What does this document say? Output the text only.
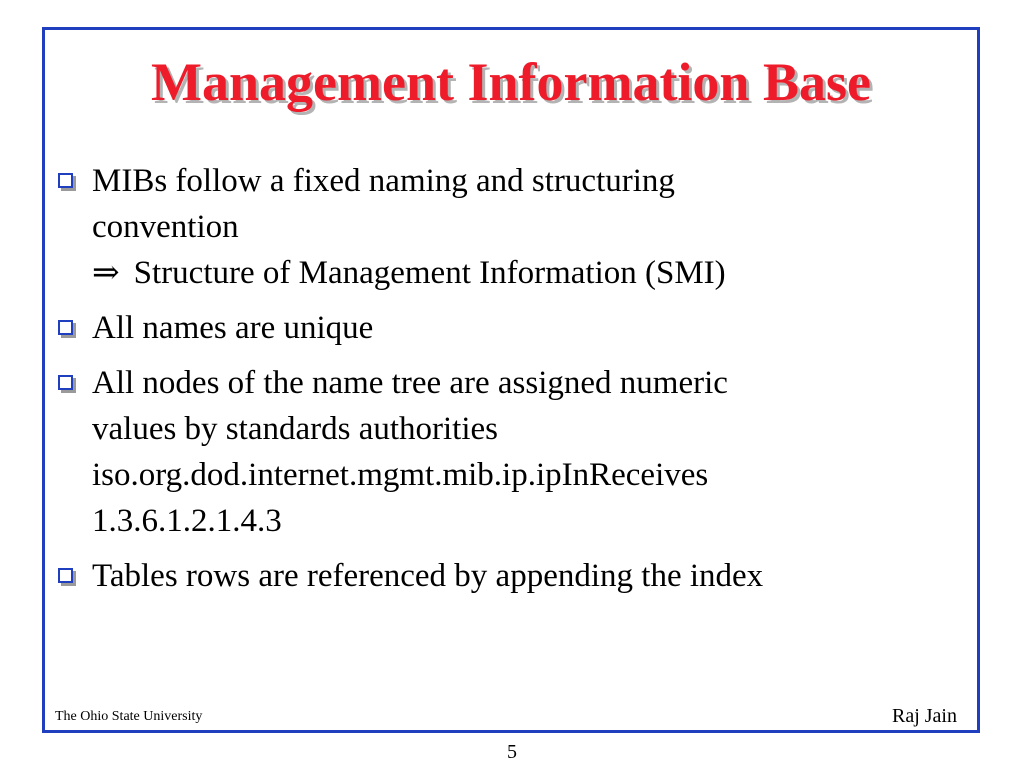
Management Information Base
MIBs follow a fixed naming and structuring
convention
⇒ Structure of Management Information (SMI)
All names are unique
All nodes of the name tree are assigned numeric
values by standards authorities
iso.org.dod.internet.mgmt.mib.ip.ipInReceives
1.3.6.1.2.1.4.3
Tables rows are referenced by appending the index
The Ohio State University	Raj Jain
5
